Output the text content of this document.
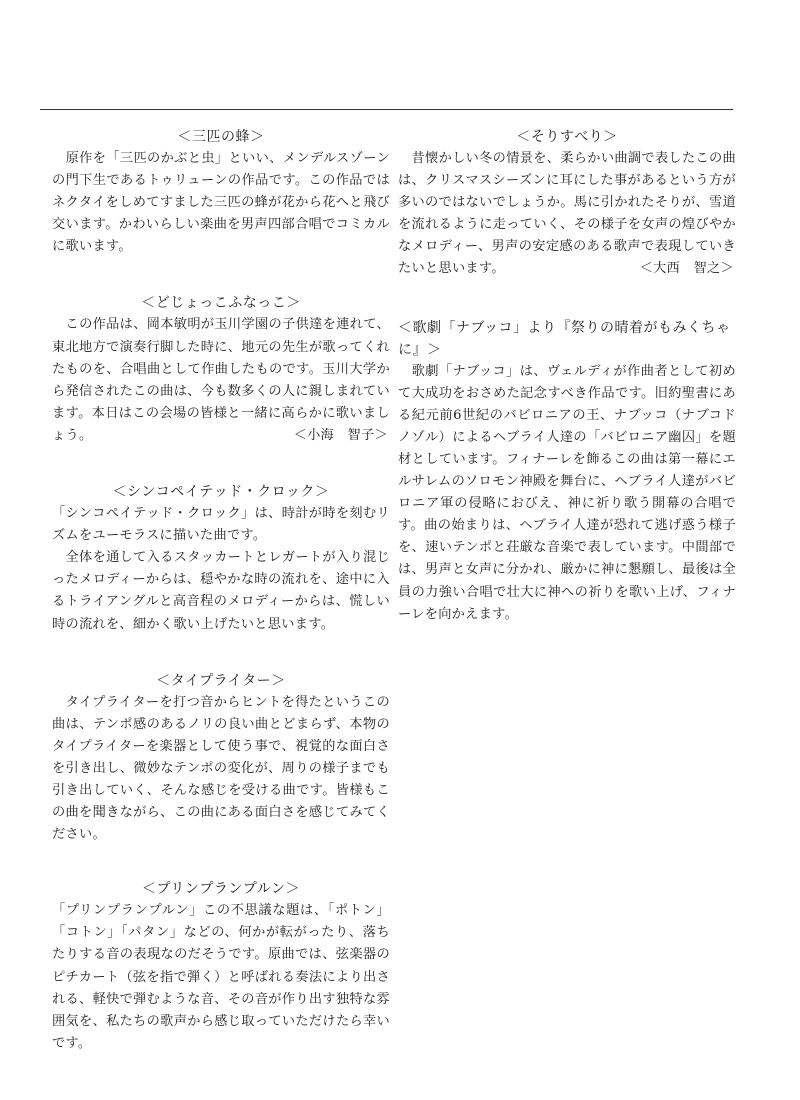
＜三匹の蜂＞

　原作を「三匹のかぶと虫」といい、メンデルスゾーンの門下生であるトゥリューンの作品です。この作品ではネクタイをしめてすました三匹の蜂が花から花へと飛び交います。かわいらしい楽曲を男声四部合唱でコミカルに歌います。

＜どじょっこふなっこ＞

　この作品は、岡本敏明が玉川学園の子供達を連れて、東北地方で演奏行脚した時に、地元の先生が歌ってくれたものを、合唱曲として作曲したものです。玉川大学から発信されたこの曲は、今も数多くの人に親しまれています。本日はこの会場の皆様と一緒に高らかに歌いましょう。	＜小海　智子＞

＜シンコペイテッド・クロック＞

「シンコペイテッド・クロック」は、時計が時を刻むリズムをユーモラスに描いた曲です。
　全体を通して入るスタッカートとレガートが入り混じったメロディーからは、穏やかな時の流れを、途中に入るトライアングルと高音程のメロディーからは、慌しい時の流れを、細かく歌い上げたいと思います。

＜タイプライター＞

　タイプライターを打つ音からヒントを得たというこの曲は、テンポ感のあるノリの良い曲とどまらず、本物のタイプライターを楽器として使う事で、視覚的な面白さを引き出し、微妙なテンポの変化が、周りの様子までも引き出していく、そんな感じを受ける曲です。皆様もこの曲を聞きながら、この曲にある面白さを感じてみてください。

＜プリンプランプルン＞

「プリンプランプルン」この不思議な題は、「ポトン」「コトン」「パタン」などの、何かが転がったり、落ちたりする音の表現なのだそうです。原曲では、弦楽器のピチカート（弦を指で弾く）と呼ばれる奏法により出される、軽快で弾むような音、その音が作り出す独特な雰囲気を、私たちの歌声から感じ取っていただけたら幸いです。

＜そりすべり＞

　昔懐かしい冬の情景を、柔らかい曲調で表したこの曲は、クリスマスシーズンに耳にした事があるという方が多いのではないでしょうか。馬に引かれたそりが、雪道を流れるように走っていく、その様子を女声の煌びやかなメロディー、男声の安定感のある歌声で表現していきたいと思います。	＜大西　智之＞

＜歌劇「ナブッコ」より『祭りの晴着がもみくちゃに』＞

　歌劇「ナブッコ」は、ヴェルディが作曲者として初めて大成功をおさめた記念すべき作品です。旧約聖書にある紀元前6世紀のバビロニアの王、ナブッコ（ナブコドノゾル）によるヘブライ人達の「バビロニア幽囚」を題材としています。フィナーレを飾るこの曲は第一幕にエルサレムのソロモン神殿を舞台に、ヘブライ人達がバビロニア軍の侵略におびえ、神に祈り歌う開幕の合唱です。曲の始まりは、ヘブライ人達が恐れて逃げ惑う様子を、速いテンポと荘厳な音楽で表しています。中間部では、男声と女声に分かれ、厳かに神に懇願し、最後は全員の力強い合唱で壮大に神への祈りを歌い上げ、フィナーレを向かえます。
